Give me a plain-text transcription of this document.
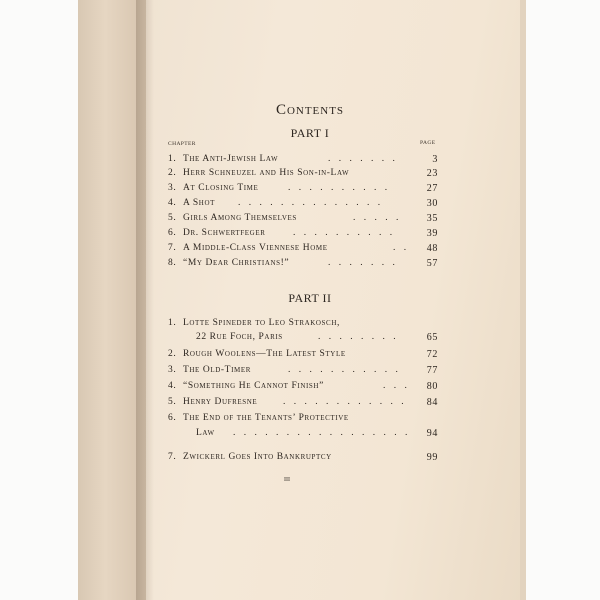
Contents
PART I
CHAPTER	PAGE
1. The Anti-Jewish Law	. . . . . . .	3
2. Herr Schneuzel and His Son-in-Law	23
3. At Closing Time	. . . . . . . . . .	27
4. A Shot . . . . . . . . . . . . . .	30
5. Girls Among Themselves	. . . . .	35
6. Dr. Schwertfeger	. . . . . . . . . .	39
7. A Middle-Class Viennese Home	. . 48
8. “My Dear Christians!”	. . . . . . .	57
PART II
1. Lotte Spineder to Leo Strakosch,
22 Rue Foch, Paris	. . . . . . . .	65
2. Rough Woolens—The Latest Style	72
3. The Old-Timer	. . . . . . . . . . .	77
4. “Something He Cannot Finish”	. . . 80
5. Henry Dufresne	. . . . . . . . . . . . 84
6. The End of the Tenants’ Protective
Law . . . . . . . . . . . . . . . . . 94
7. Zwickerl Goes Into Bankruptcy	99
iii
